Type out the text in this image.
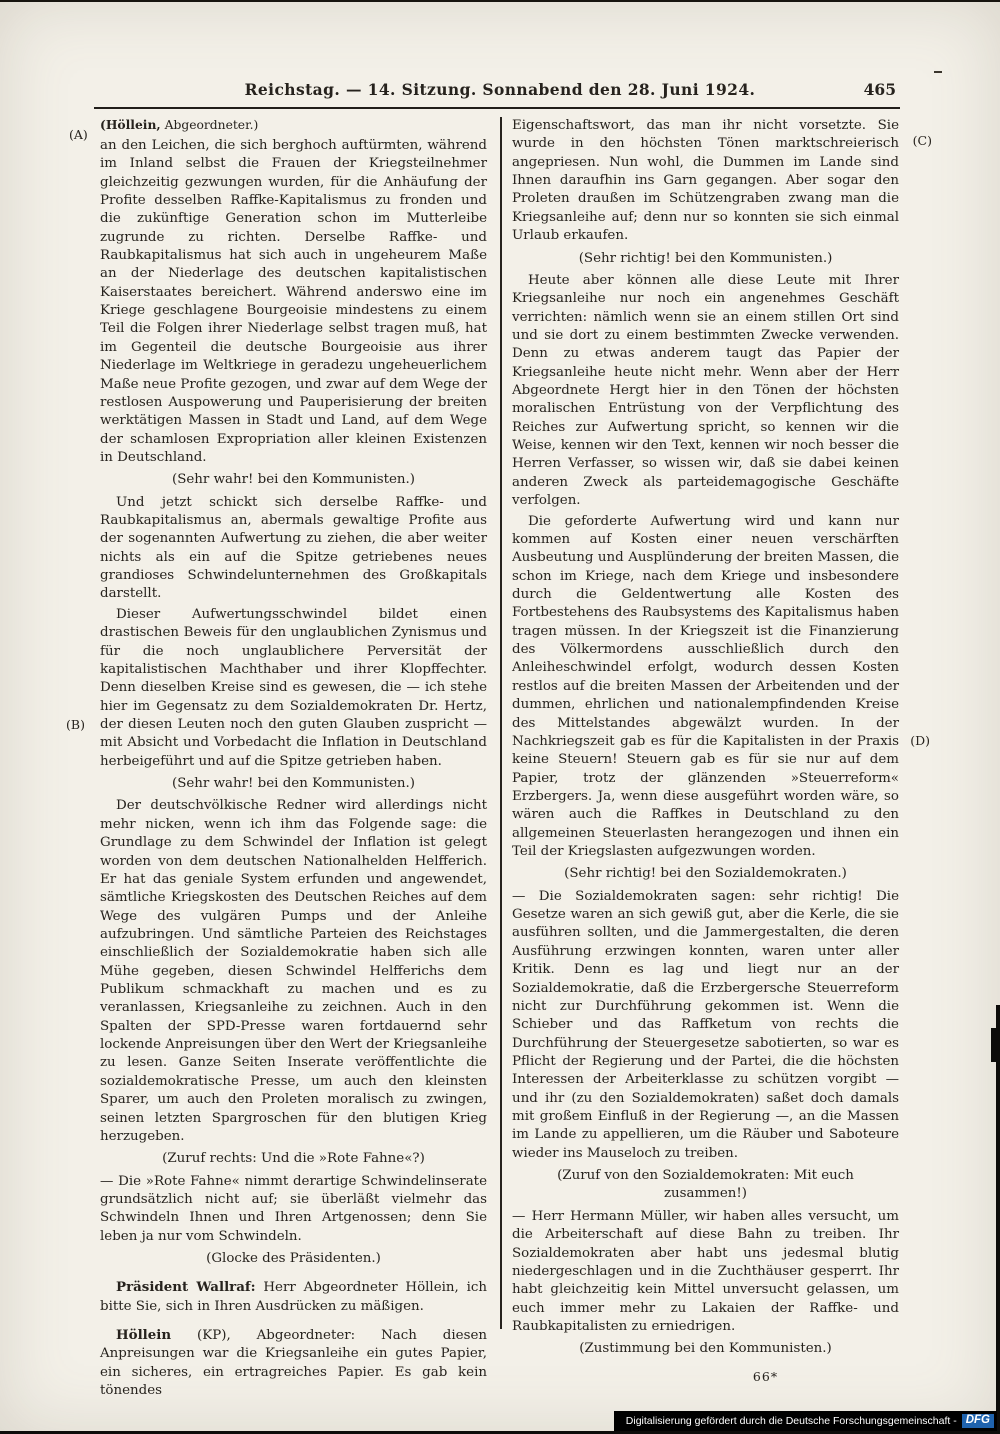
Reichstag. — 14. Sitzung. Sonnabend den 28. Juni 1924.	465
(A)
(B)
(C)
(D)

(Höllein, Abgeordneter.)

an den Leichen, die sich berghoch auftürmten, während im Inland selbst die Frauen der Kriegsteilnehmer gleichzeitig gezwungen wurden, für die Anhäufung der Profite desselben Raffke-Kapitalismus zu fronden und die zukünftige Generation schon im Mutterleibe zugrunde zu richten. Derselbe Raffke- und Raubkapitalismus hat sich auch in ungeheurem Maße an der Niederlage des deutschen kapitalistischen Kaiserstaates bereichert. Während anderswo eine im Kriege geschlagene Bourgeoisie mindestens zu einem Teil die Folgen ihrer Niederlage selbst tragen muß, hat im Gegenteil die deutsche Bourgeoisie aus ihrer Niederlage im Weltkriege in geradezu ungeheuerlichem Maße neue Profite gezogen, und zwar auf dem Wege der restlosen Auspowerung und Pauperisierung der breiten werktätigen Massen in Stadt und Land, auf dem Wege der schamlosen Expropriation aller kleinen Existenzen in Deutschland.

(Sehr wahr! bei den Kommunisten.)

Und jetzt schickt sich derselbe Raffke- und Raubkapitalismus an, abermals gewaltige Profite aus der sogenannten Aufwertung zu ziehen, die aber weiter nichts als ein auf die Spitze getriebenes neues grandioses Schwindelunternehmen des Großkapitals darstellt.

Dieser Aufwertungsschwindel bildet einen drastischen Beweis für den unglaublichen Zynismus und für die noch unglaublichere Perversität der kapitalistischen Machthaber und ihrer Klopffechter. Denn dieselben Kreise sind es gewesen, die — ich stehe hier im Gegensatz zu dem Sozialdemokraten Dr. Hertz, der diesen Leuten noch den guten Glauben zuspricht — mit Absicht und Vorbedacht die Inflation in Deutschland herbeigeführt und auf die Spitze getrieben haben.

(Sehr wahr! bei den Kommunisten.)

Der deutschvölkische Redner wird allerdings nicht mehr nicken, wenn ich ihm das Folgende sage: die Grundlage zu dem Schwindel der Inflation ist gelegt worden von dem deutschen Nationalhelden Helfferich. Er hat das geniale System erfunden und angewendet, sämtliche Kriegskosten des Deutschen Reiches auf dem Wege des vulgären Pumps und der Anleihe aufzubringen. Und sämtliche Parteien des Reichstages einschließlich der Sozialdemokratie haben sich alle Mühe gegeben, diesen Schwindel Helfferichs dem Publikum schmackhaft zu machen und es zu veranlassen, Kriegsanleihe zu zeichnen. Auch in den Spalten der SPD-Presse waren fortdauernd sehr lockende Anpreisungen über den Wert der Kriegsanleihe zu lesen. Ganze Seiten Inserate veröffentlichte die sozialdemokratische Presse, um auch den kleinsten Sparer, um auch den Proleten moralisch zu zwingen, seinen letzten Spargroschen für den blutigen Krieg herzugeben.

(Zuruf rechts: Und die »Rote Fahne«?)

— Die »Rote Fahne« nimmt derartige Schwindelinserate grundsätzlich nicht auf; sie überläßt vielmehr das Schwindeln Ihnen und Ihren Artgenossen; denn Sie leben ja nur vom Schwindeln.

(Glocke des Präsidenten.)

Präsident Wallraf: Herr Abgeordneter Höllein, ich bitte Sie, sich in Ihren Ausdrücken zu mäßigen.

Höllein (KP), Abgeordneter: Nach diesen Anpreisungen war die Kriegsanleihe ein gutes Papier, ein sicheres, ein ertragreiches Papier. Es gab kein tönendes

Eigenschaftswort, das man ihr nicht vorsetzte. Sie wurde in den höchsten Tönen marktschreierisch angepriesen. Nun wohl, die Dummen im Lande sind Ihnen daraufhin ins Garn gegangen. Aber sogar den Proleten draußen im Schützengraben zwang man die Kriegsanleihe auf; denn nur so konnten sie sich einmal Urlaub erkaufen.

(Sehr richtig! bei den Kommunisten.)

Heute aber können alle diese Leute mit Ihrer Kriegsanleihe nur noch ein angenehmes Geschäft verrichten: nämlich wenn sie an einem stillen Ort sind und sie dort zu einem bestimmten Zwecke verwenden. Denn zu etwas anderem taugt das Papier der Kriegsanleihe heute nicht mehr. Wenn aber der Herr Abgeordnete Hergt hier in den Tönen der höchsten moralischen Entrüstung von der Verpflichtung des Reiches zur Aufwertung spricht, so kennen wir die Weise, kennen wir den Text, kennen wir noch besser die Herren Verfasser, so wissen wir, daß sie dabei keinen anderen Zweck als parteidemagogische Geschäfte verfolgen.

Die geforderte Aufwertung wird und kann nur kommen auf Kosten einer neuen verschärften Ausbeutung und Ausplünderung der breiten Massen, die schon im Kriege, nach dem Kriege und insbesondere durch die Geldentwertung alle Kosten des Fortbestehens des Raubsystems des Kapitalismus haben tragen müssen. In der Kriegszeit ist die Finanzierung des Völkermordens ausschließlich durch den Anleiheschwindel erfolgt, wodurch dessen Kosten restlos auf die breiten Massen der Arbeitenden und der dummen, ehrlichen und nationalempfindenden Kreise des Mittelstandes abgewälzt wurden. In der Nachkriegszeit gab es für die Kapitalisten in der Praxis keine Steuern! Steuern gab es für sie nur auf dem Papier, trotz der glänzenden »Steuerreform« Erzbergers. Ja, wenn diese ausgeführt worden wäre, so wären auch die Raffkes in Deutschland zu den allgemeinen Steuerlasten herangezogen und ihnen ein Teil der Kriegslasten aufgezwungen worden.

(Sehr richtig! bei den Sozialdemokraten.)

— Die Sozialdemokraten sagen: sehr richtig! Die Gesetze waren an sich gewiß gut, aber die Kerle, die sie ausführen sollten, und die Jammergestalten, die deren Ausführung erzwingen konnten, waren unter aller Kritik. Denn es lag und liegt nur an der Sozialdemokratie, daß die Erzbergersche Steuerreform nicht zur Durchführung gekommen ist. Wenn die Schieber und das Raffketum von rechts die Durchführung der Steuergesetze sabotierten, so war es Pflicht der Regierung und der Partei, die die höchsten Interessen der Arbeiterklasse zu schützen vorgibt — und ihr (zu den Sozialdemokraten) saßet doch damals mit großem Einfluß in der Regierung —, an die Massen im Lande zu appellieren, um die Räuber und Saboteure wieder ins Mauseloch zu treiben.

(Zuruf von den Sozialdemokraten: Mit euch zusammen!)

— Herr Hermann Müller, wir haben alles versucht, um die Arbeiterschaft auf diese Bahn zu treiben. Ihr Sozialdemokraten aber habt uns jedesmal blutig niedergeschlagen und in die Zuchthäuser gesperrt. Ihr habt gleichzeitig kein Mittel unversucht gelassen, um euch immer mehr zu Lakaien der Raffke- und Raubkapitalisten zu erniedrigen.

(Zustimmung bei den Kommunisten.)

66*

Digitalisierung gefördert durch die Deutsche Forschungsgemeinschaft - DFG
